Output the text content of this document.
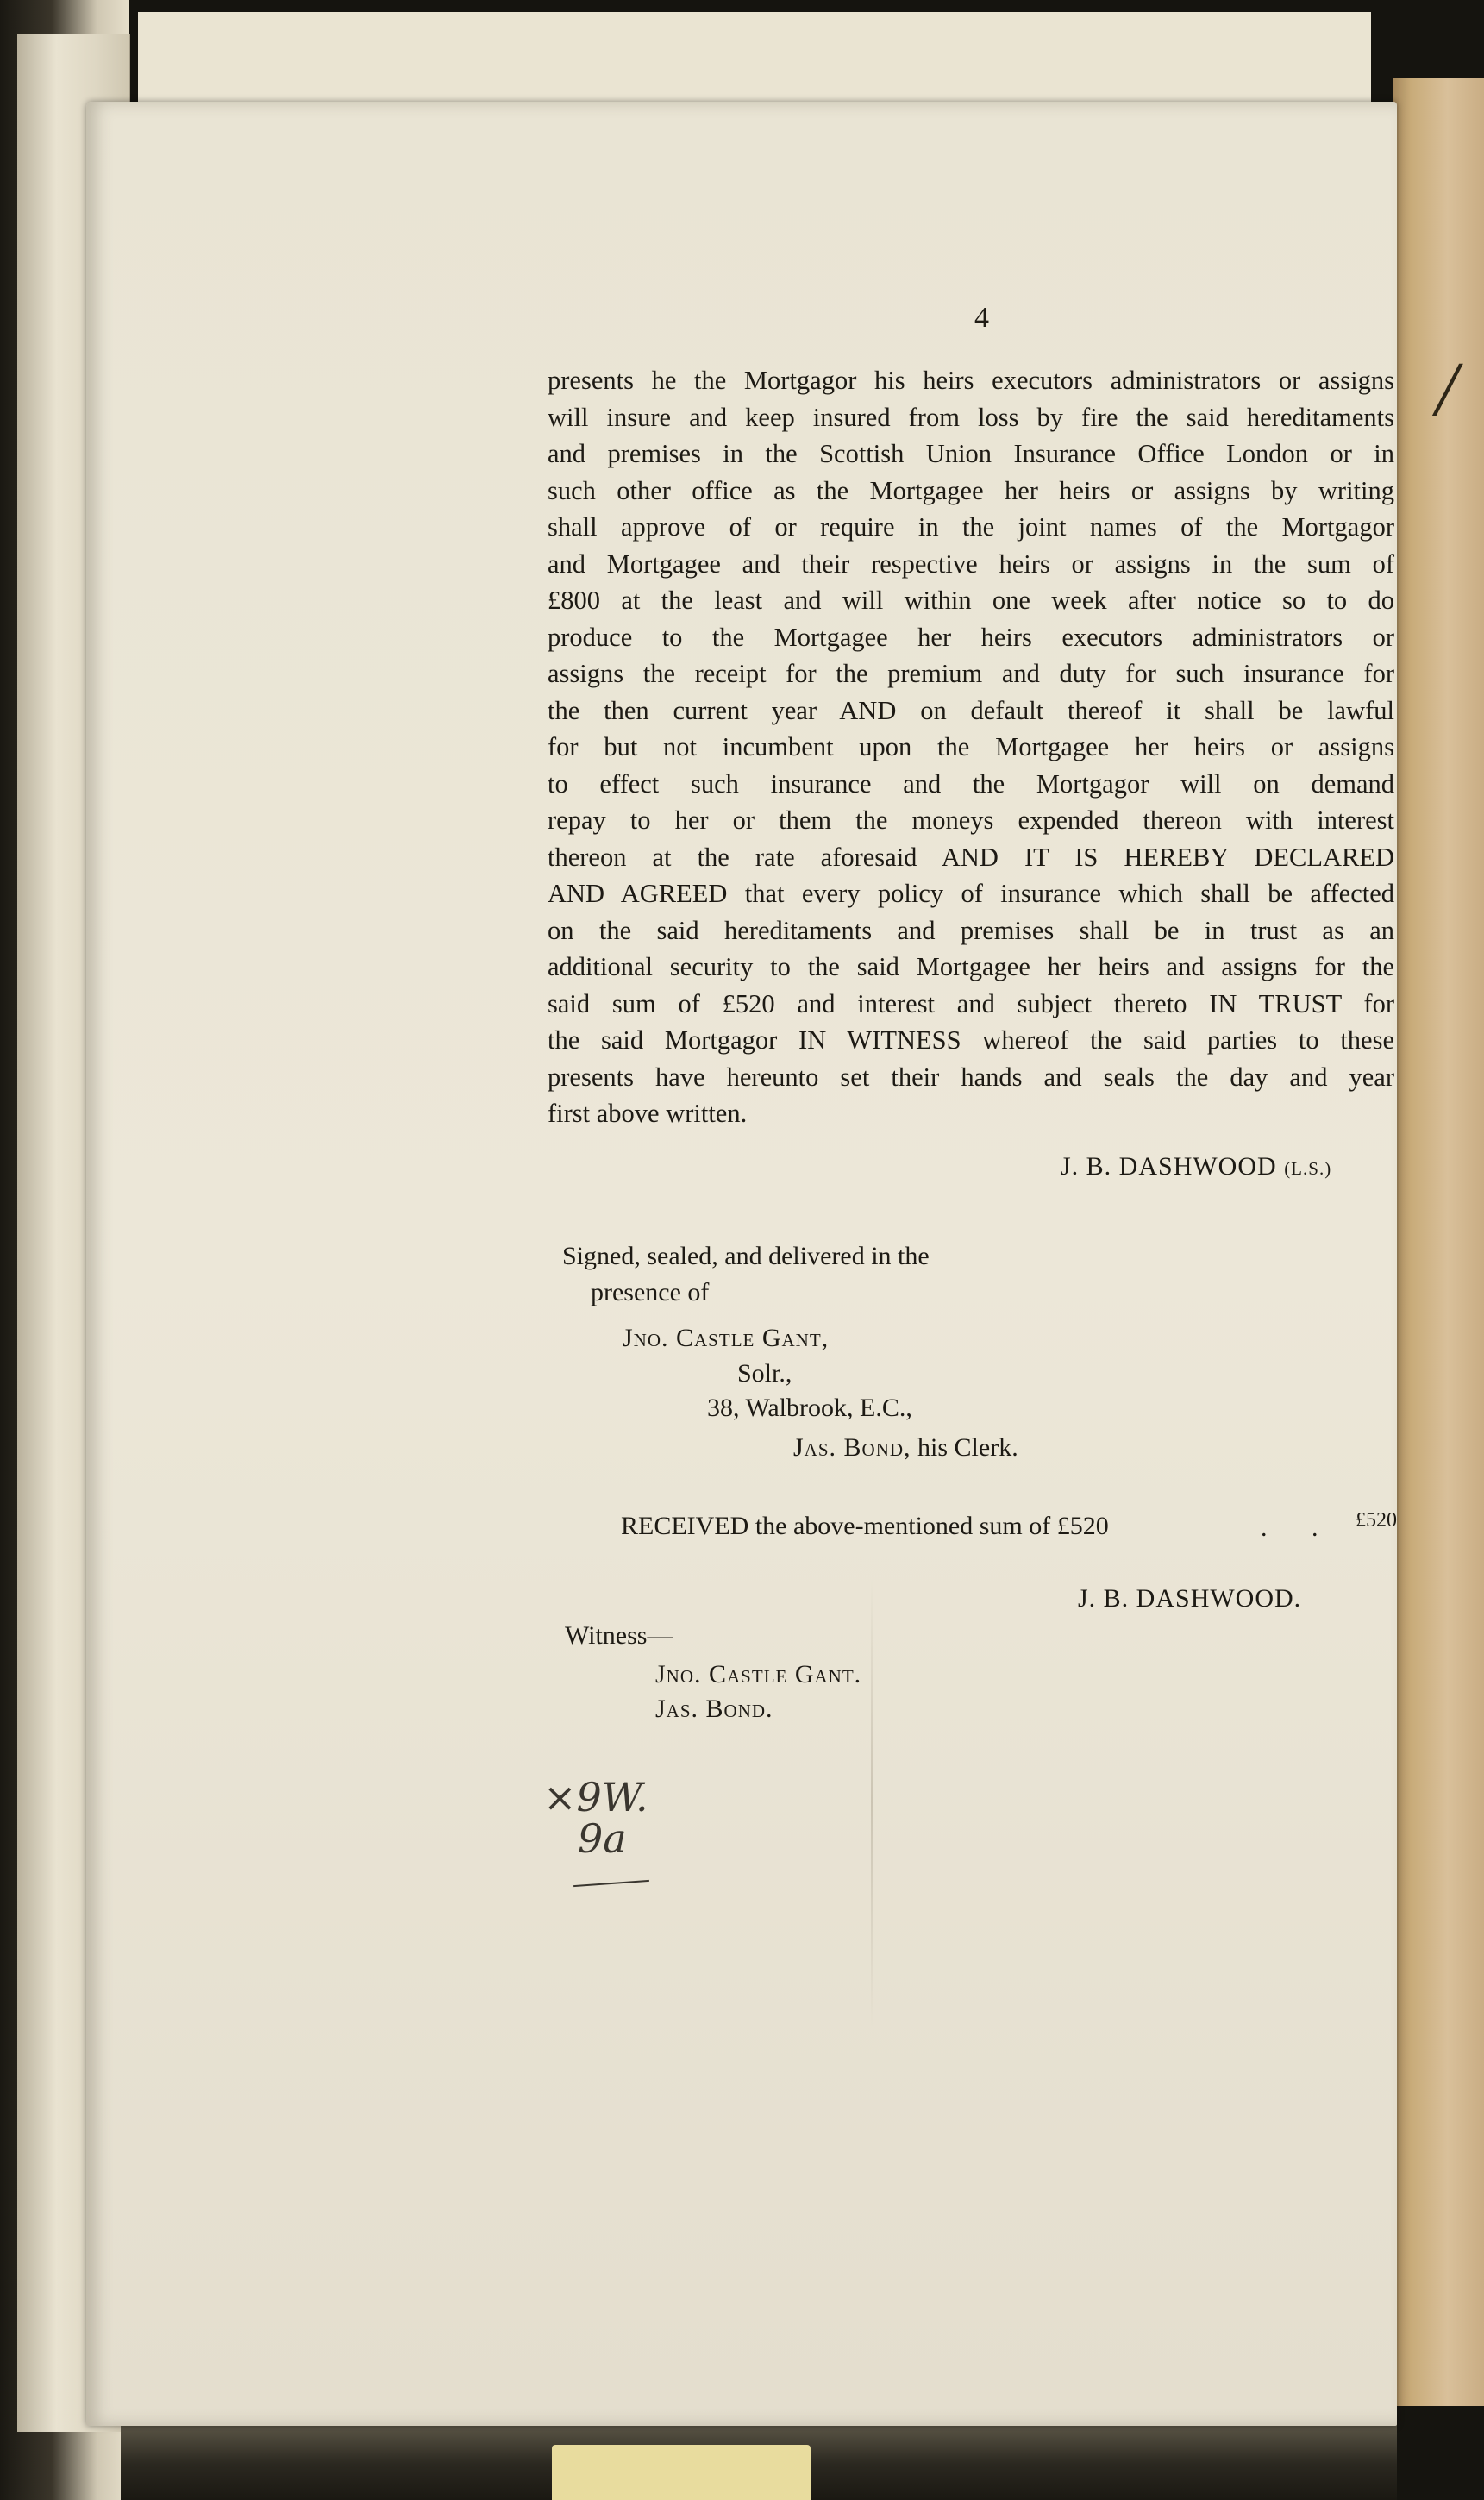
/
4
presents he the Mortgagor his heirs executors administrators or assigns
will insure and keep insured from loss by fire the said hereditaments
and premises in the Scottish Union Insurance Office London or in
such other office as the Mortgagee her heirs or assigns by writing
shall approve of or require in the joint names of the Mortgagor
and Mortgagee and their respective heirs or assigns in the sum of
£800 at the least and will within one week after notice so to do
produce to the Mortgagee her heirs executors administrators or
assigns the receipt for the premium and duty for such insurance for
the then current year AND on default thereof it shall be lawful
for but not incumbent upon the Mortgagee her heirs or assigns
to effect such insurance and the Mortgagor will on demand
repay to her or them the moneys expended thereon with interest
thereon at the rate aforesaid AND IT IS HEREBY DECLARED
AND AGREED that every policy of insurance which shall be affected
on the said hereditaments and premises shall be in trust as an
additional security to the said Mortgagee her heirs and assigns for the
said sum of £520 and interest and subject thereto IN TRUST for
the said Mortgagor IN WITNESS whereof the said parties to these
presents have hereunto set their hands and seals the day and year
first above written.
J. B. DASHWOOD (L.S.)
Signed, sealed, and delivered in the
presence of
Jno. Castle Gant,
Solr.,
38, Walbrook, E.C.,
Jas. Bond, his Clerk.
RECEIVED the above-mentioned sum of £520	. . £520
J. B. DASHWOOD.
Witness—
Jno. Castle Gant.
Jas. Bond.
×9W.
9a
